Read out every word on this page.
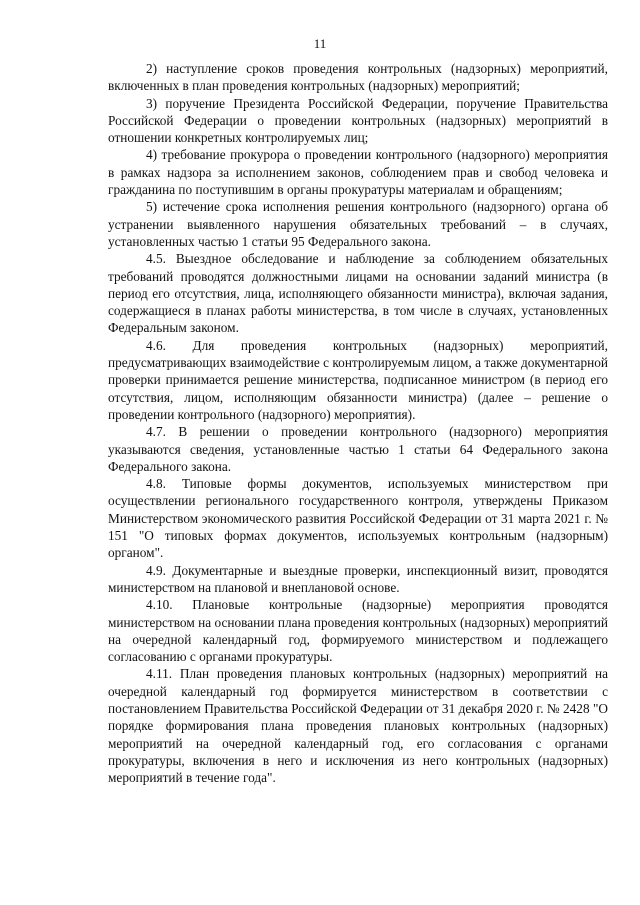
11

2) наступление сроков проведения контрольных (надзорных) мероприятий, включенных в план проведения контрольных (надзорных) мероприятий;

3) поручение Президента Российской Федерации, поручение Правительства Российской Федерации о проведении контрольных (надзорных) мероприятий в отношении конкретных контролируемых лиц;

4) требование прокурора о проведении контрольного (надзорного) мероприятия в рамках надзора за исполнением законов, соблюдением прав и свобод человека и гражданина по поступившим в органы прокуратуры материалам и обращениям;

5) истечение срока исполнения решения контрольного (надзорного) органа об устранении выявленного нарушения обязательных требований – в случаях, установленных частью 1 статьи 95 Федерального закона.

4.5. Выездное обследование и наблюдение за соблюдением обязательных требований проводятся должностными лицами на основании заданий министра (в период его отсутствия, лица, исполняющего обязанности министра), включая задания, содержащиеся в планах работы министерства, в том числе в случаях, установленных Федеральным законом.

4.6. Для проведения контрольных (надзорных) мероприятий, предусматривающих взаимодействие с контролируемым лицом, а также документарной проверки принимается решение министерства, подписанное министром (в период его отсутствия, лицом, исполняющим обязанности министра) (далее – решение о проведении контрольного (надзорного) мероприятия).

4.7. В решении о проведении контрольного (надзорного) мероприятия указываются сведения, установленные частью 1 статьи 64 Федерального закона Федерального закона.

4.8. Типовые формы документов, используемых министерством при осуществлении регионального государственного контроля, утверждены Приказом Министерством экономического развития Российской Федерации от 31 марта 2021 г. № 151 "О типовых формах документов, используемых контрольным (надзорным) органом".

4.9. Документарные и выездные проверки, инспекционный визит, проводятся министерством на плановой и внеплановой основе.

4.10. Плановые контрольные (надзорные) мероприятия проводятся министерством на основании плана проведения контрольных (надзорных) мероприятий на очередной календарный год, формируемого министерством и подлежащего согласованию с органами прокуратуры.

4.11. План проведения плановых контрольных (надзорных) мероприятий на очередной календарный год формируется министерством в соответствии с постановлением Правительства Российской Федерации от 31 декабря 2020 г. № 2428 "О порядке формирования плана проведения плановых контрольных (надзорных) мероприятий на очередной календарный год, его согласования с органами прокуратуры, включения в него и исключения из него контрольных (надзорных) мероприятий в течение года".
